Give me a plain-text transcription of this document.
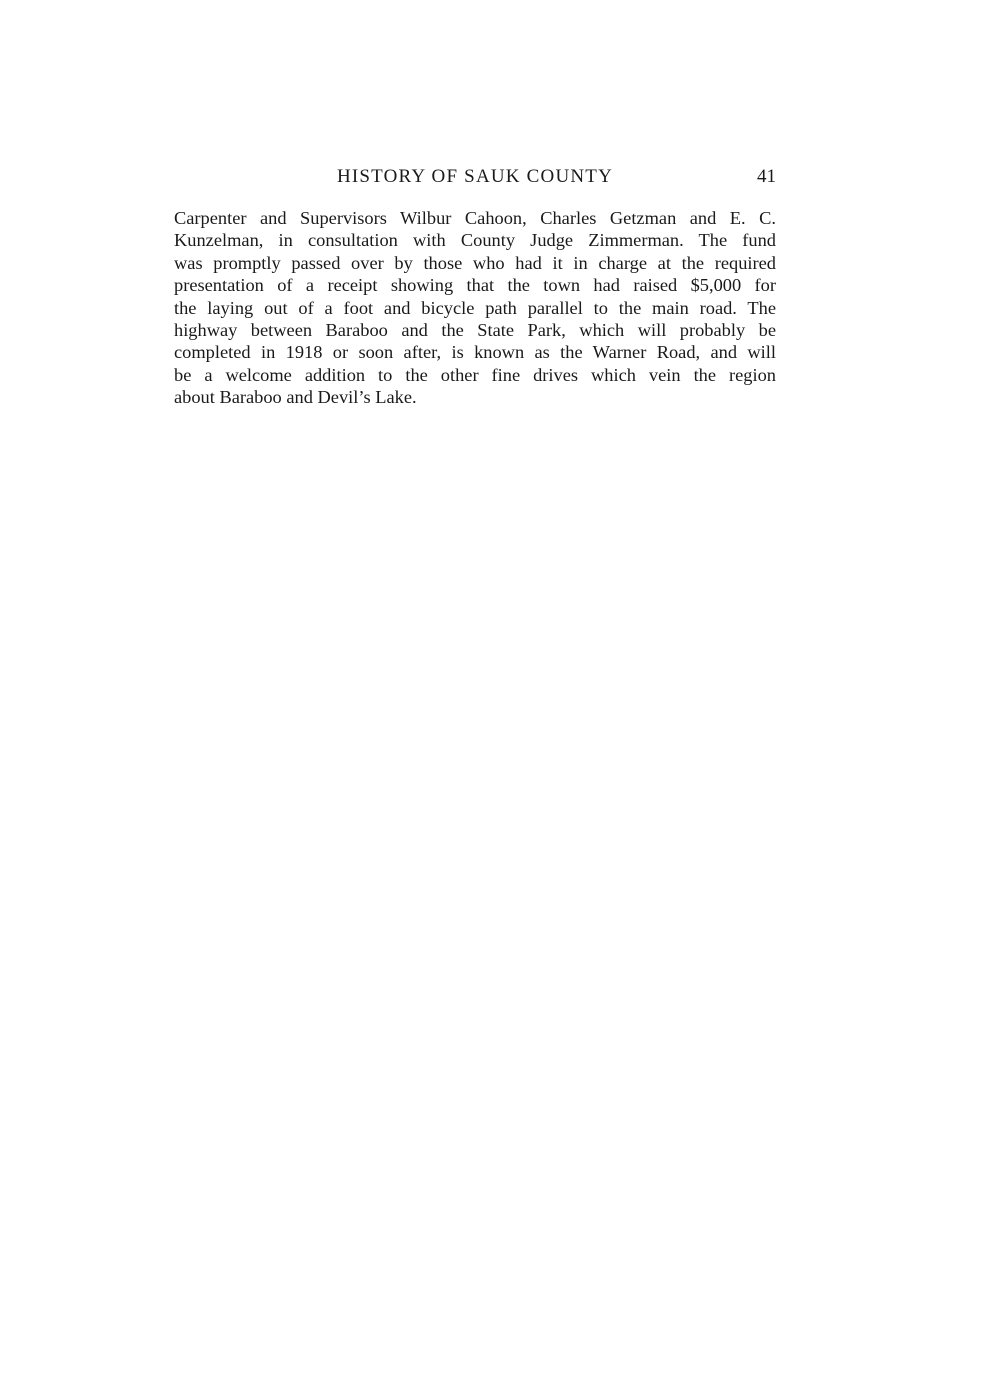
HISTORY OF SAUK COUNTY	41
Carpenter and Supervisors Wilbur Cahoon, Charles Getzman and E. C.
Kunzelman, in consultation with County Judge Zimmerman. The fund
was promptly passed over by those who had it in charge at the required
presentation of a receipt showing that the town had raised $5,000 for
the laying out of a foot and bicycle path parallel to the main road. The
highway between Baraboo and the State Park, which will probably be
completed in 1918 or soon after, is known as the Warner Road, and will
be a welcome addition to the other fine drives which vein the region
about Baraboo and Devil’s Lake.
